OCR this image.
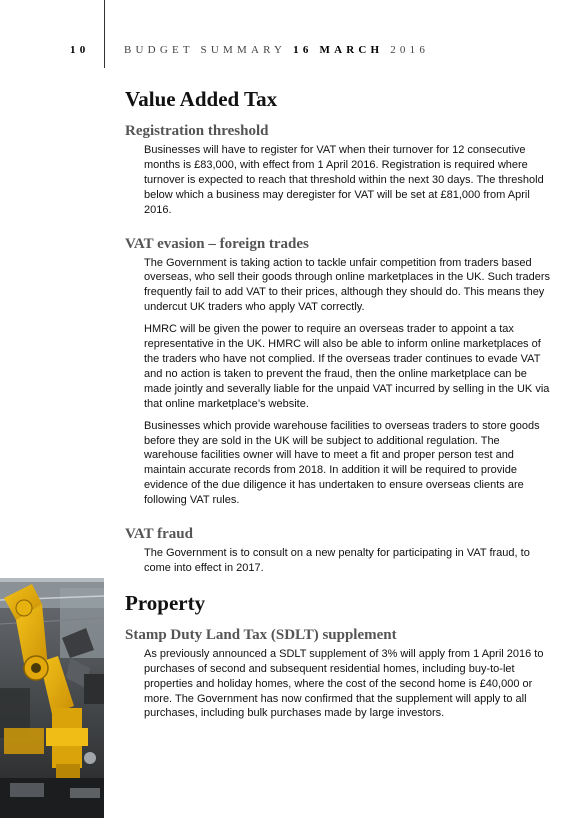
10	BUDGET SUMMARY 16 MARCH 2016
Value Added Tax
Registration threshold

Businesses will have to register for VAT when their turnover for 12 consecutive months is £83,000, with effect from 1 April 2016. Registration is required where turnover is expected to reach that threshold within the next 30 days. The threshold below which a business may deregister for VAT will be set at £81,000 from April 2016.

VAT evasion – foreign trades

The Government is taking action to tackle unfair competition from traders based overseas, who sell their goods through online marketplaces in the UK. Such traders frequently fail to add VAT to their prices, although they should do. This means they undercut UK traders who apply VAT correctly.

HMRC will be given the power to require an overseas trader to appoint a tax representative in the UK. HMRC will also be able to inform online marketplaces of the traders who have not complied. If the overseas trader continues to evade VAT and no action is taken to prevent the fraud, then the online marketplace can be made jointly and severally liable for the unpaid VAT incurred by selling in the UK via that online marketplace’s website.

Businesses which provide warehouse facilities to overseas traders to store goods before they are sold in the UK will be subject to additional regulation. The warehouse facilities owner will have to meet a fit and proper person test and maintain accurate records from 2018. In addition it will be required to provide evidence of the due diligence it has undertaken to ensure overseas clients are following VAT rules.

VAT fraud

The Government is to consult on a new penalty for participating in VAT fraud, to come into effect in 2017.

Property
Stamp Duty Land Tax (SDLT) supplement

As previously announced a SDLT supplement of 3% will apply from 1 April 2016 to purchases of second and subsequent residential homes, including buy-to-let properties and holiday homes, where the cost of the second home is £40,000 or more. The Government has now confirmed that the supplement will apply to all purchases, including bulk purchases made by large investors.
